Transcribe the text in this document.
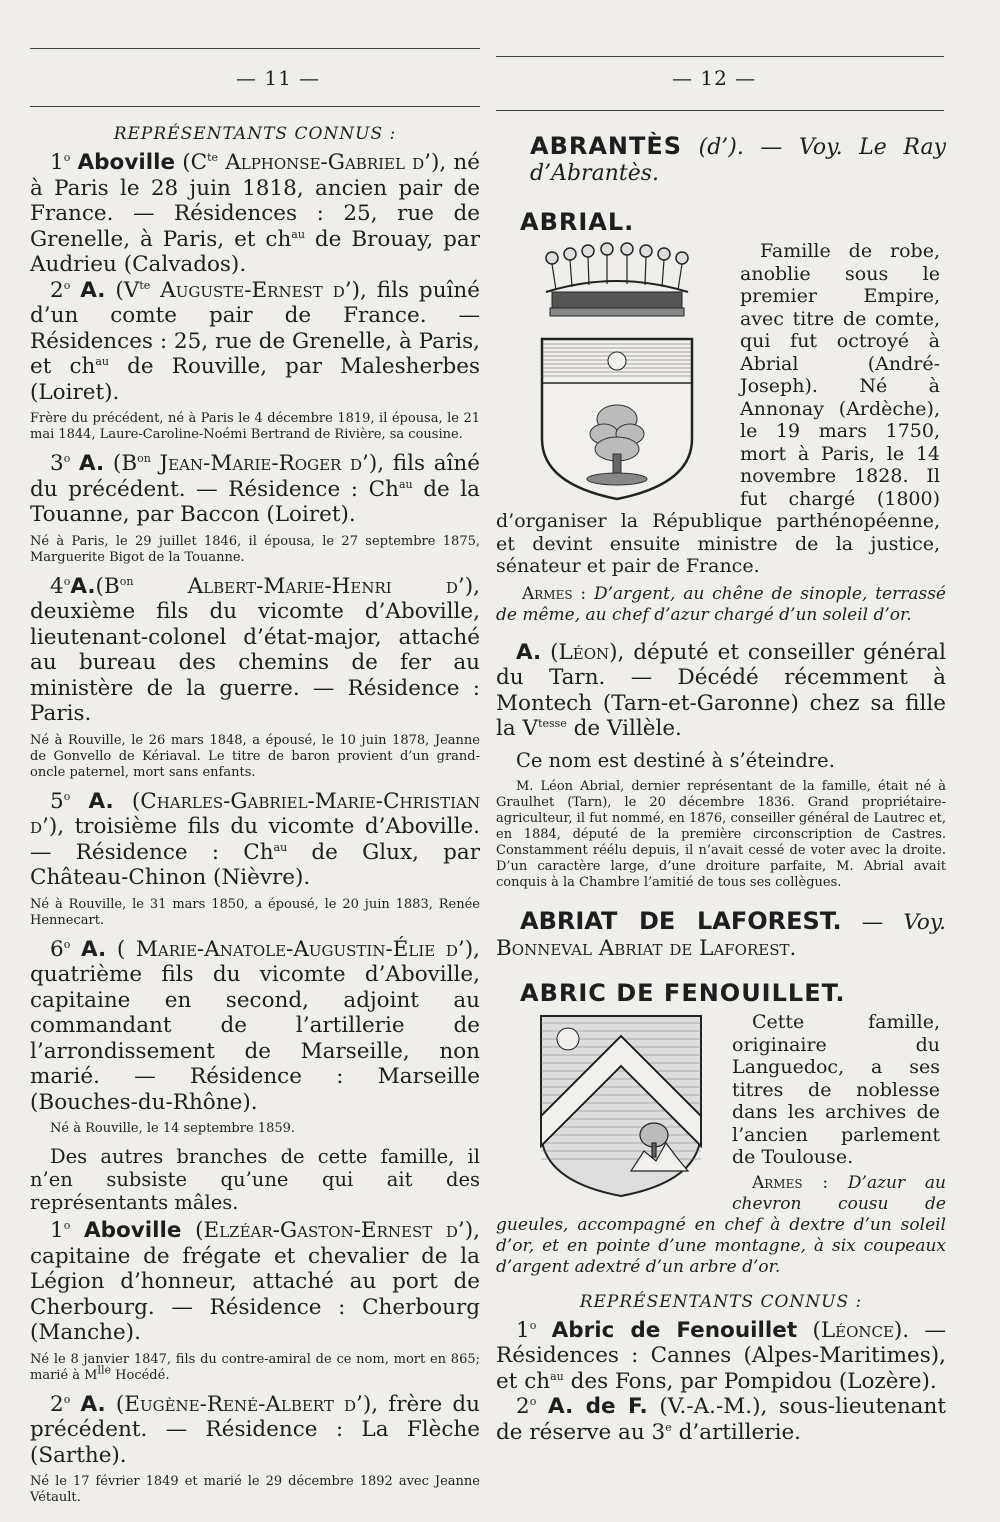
— 11 —	— 12 —

REPRÉSENTANTS CONNUS :

1$^o$ Aboville ($C^{te}$ Alphonse-Gabriel d’), né à Paris le 28 juin 1818, ancien pair de France. — Résidences : 25, rue de Grenelle, à Paris, et $ch^{au}$ de Brouay, par Audrieu (Calvados).

2$^o$ A. ($V^{te}$ Auguste-Ernest d’), fils puîné d’un comte pair de France. — Résidences : 25, rue de Grenelle, à Paris, et $ch^{au}$ de Rouville, par Malesherbes (Loiret).

Frère du précédent, né à Paris le 4 décembre 1819, il épousa, le 21 mai 1844, Laure-Caroline-Noémi Bertrand de Rivière, sa cousine.

3$^o$ A. ($B^{on}$ Jean-Marie-Roger d’), fils aîné du précédent. — Résidence : $Ch^{au}$ de la Touanne, par Baccon (Loiret).

Né à Paris, le 29 juillet 1846, il épousa, le 27 septembre 1875, Marguerite Bigot de la Touanne.

$4^oA.(B^{on}$ Albert-Marie-Henri d’), deuxième fils du vicomte d’Aboville, lieutenant-colonel d’état-major, attaché au bureau des chemins de fer au ministère de la guerre. — Résidence : Paris.

Né à Rouville, le 26 mars 1848, a épousé, le 10 juin 1878, Jeanne de Gonvello de Kériaval. Le titre de baron provient d’un grand-oncle paternel, mort sans enfants.

5$^o$ A. (Charles-Gabriel-Marie-Christian d’), troisième fils du vicomte d’Aboville. — Résidence : $Ch^{au}$ de Glux, par Château-Chinon (Nièvre).

Né à Rouville, le 31 mars 1850, a épousé, le 20 juin 1883, Renée Hennecart.

6$^o$ A. ( Marie-Anatole-Augustin-Élie d’), quatrième fils du vicomte d’Aboville, capitaine en second, adjoint au commandant de l’artillerie de l’arrondissement de Marseille, non marié. — Résidence : Marseille (Bouches-du-Rhône).

Né à Rouville, le 14 septembre 1859.

Des autres branches de cette famille, il n’en subsiste qu’une qui ait des représentants mâles.

1$^o$ Aboville (Elzéar-Gaston-Ernest d’), capitaine de frégate et chevalier de la Légion d’honneur, attaché au port de Cherbourg. — Résidence : Cherbourg (Manche).

Né le 8 janvier 1847, fils du contre-amiral de ce nom, mort en 865; marié à $M^{lle}$ Hocédé.

2$^o$ A. (Eugène-René-Albert d’), frère du précédent. — Résidence : La Flèche (Sarthe).

Né le 17 février 1849 et marié le 29 décembre 1892 avec Jeanne Vétault.

ABRANTÈS (d’). — Voy. Le Ray d’Abrantès.

ABRIAL.

Famille de robe, anoblie sous le premier Empire, avec titre de comte, qui fut octroyé à Abrial (André-Joseph). Né à Annonay (Ardèche), le 19 mars 1750, mort à Paris, le 14 novembre 1828. Il fut chargé (1800) d’organiser la République parthénopéenne, et devint ensuite ministre de la justice, sénateur et pair de France.

Armes : D’argent, au chêne de sinople, terrassé de même, au chef d’azur chargé d’un soleil d’or.

A. (Léon), député et conseiller général du Tarn. — Décédé récemment à Montech (Tarn-et-Garonne) chez sa fille la $V^{tesse}$ de Villèle.

Ce nom est destiné à s’éteindre.

M. Léon Abrial, dernier représentant de la famille, était né à Graulhet (Tarn), le 20 décembre 1836. Grand propriétaire-agriculteur, il fut nommé, en 1876, conseiller général de Lautrec et, en 1884, député de la première circonscription de Castres. Constamment réélu depuis, il n’avait cessé de voter avec la droite. D’un caractère large, d’une droiture parfaite, M. Abrial avait conquis à la Chambre l’amitié de tous ses collègues.

ABRIAT DE LAFOREST. — Voy. Bonneval Abriat de Laforest.

ABRIC DE FENOUILLET.

Cette famille, originaire du Languedoc, a ses titres de noblesse dans les archives de l’ancien parlement de Toulouse.

Armes : D’azur au chevron cousu de gueules, accompagné en chef à dextre d’un soleil d’or, et en pointe d’une montagne, à six coupeaux d’argent adextré d’un arbre d’or.

REPRÉSENTANTS CONNUS :

1$^o$ Abric de Fenouillet (Léonce). — Résidences : Cannes (Alpes-Maritimes), et $ch^{au}$ des Fons, par Pompidou (Lozère).

2$^o$ A. de F. (V.-A.-M.), sous-lieutenant de réserve au 3e d’artillerie.
